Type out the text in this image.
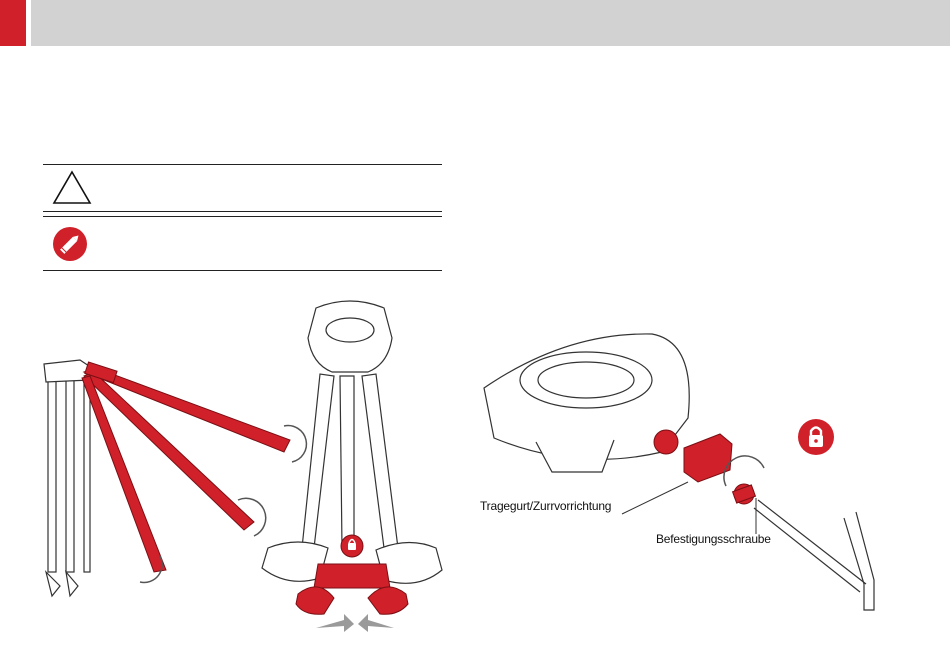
Tragegurt/Zurrvorrichtung
Befestigungsschraube
